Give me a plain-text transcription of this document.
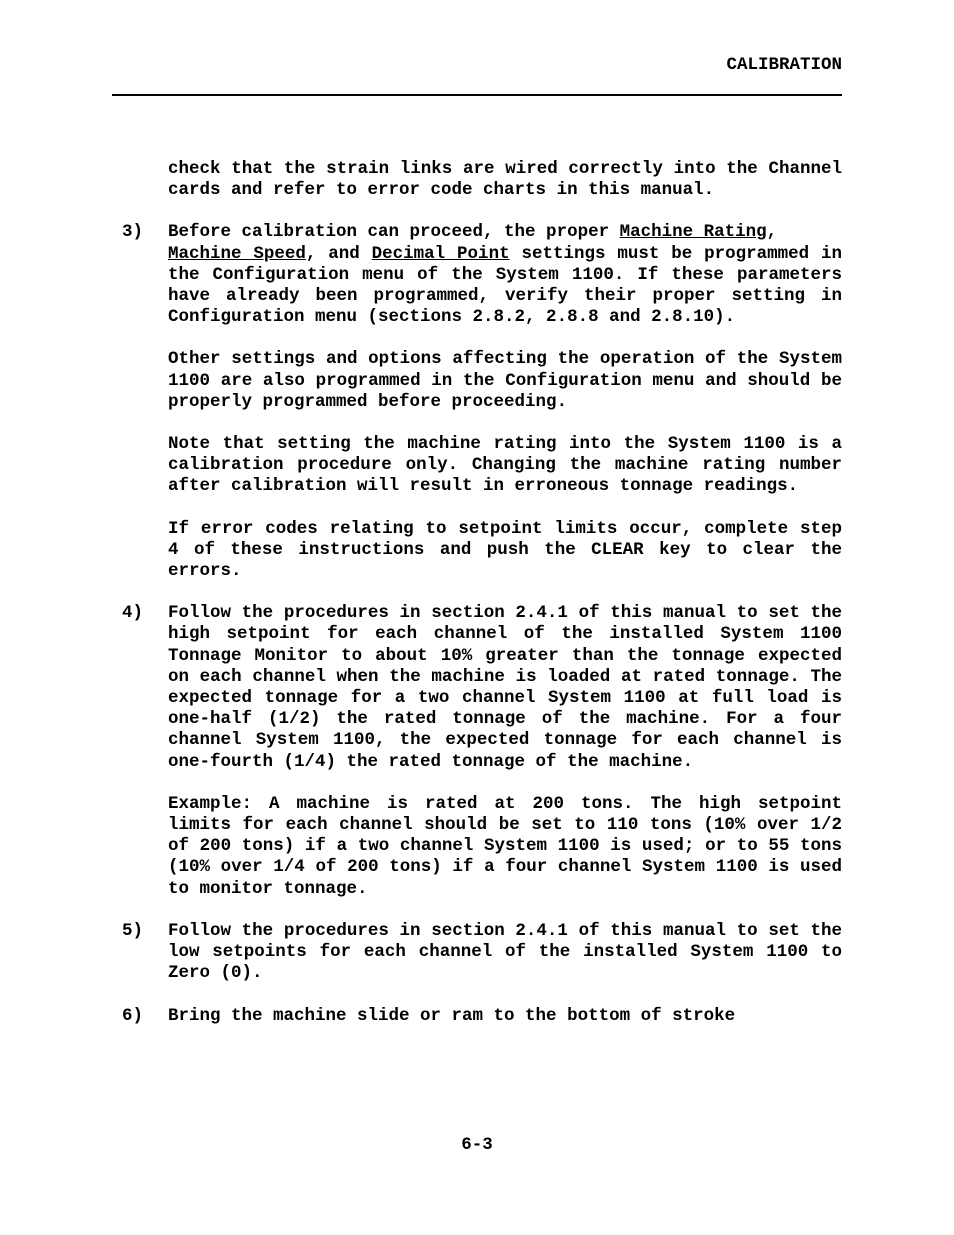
CALIBRATION

check that the strain links are wired correctly into the Channel cards and refer to error code charts in this manual.

3) Before calibration can proceed, the proper Machine Rating,
Machine Speed, and Decimal Point settings must be programmed in the Configuration menu of the System 1100. If these parameters have already been programmed, verify their proper setting in Configuration menu (sections 2.8.2, 2.8.8 and 2.8.10).

Other settings and options affecting the operation of the System 1100 are also programmed in the Configuration menu and should be properly programmed before proceeding.

Note that setting the machine rating into the System 1100 is a calibration procedure only. Changing the machine rating number after calibration will result in erroneous tonnage readings.

If error codes relating to setpoint limits occur, complete step 4 of these instructions and push the CLEAR key to clear the errors.

4) Follow the procedures in section 2.4.1 of this manual to set the high setpoint for each channel of the installed System 1100 Tonnage Monitor to about 10% greater than the tonnage expected on each channel when the machine is loaded at rated tonnage. The expected tonnage for a two channel System 1100 at full load is one-half (1/2) the rated tonnage of the machine. For a four channel System 1100, the expected tonnage for each channel is one-fourth (1/4) the rated tonnage of the machine.

Example: A machine is rated at 200 tons. The high setpoint limits for each channel should be set to 110 tons (10% over 1/2 of 200 tons) if a two channel System 1100 is used; or to 55 tons (10% over 1/4 of 200 tons) if a four channel System 1100 is used to monitor tonnage.

5) Follow the procedures in section 2.4.1 of this manual to set the low setpoints for each channel of the installed System 1100 to Zero (0).

6) Bring the machine slide or ram to the bottom of stroke

6-3
